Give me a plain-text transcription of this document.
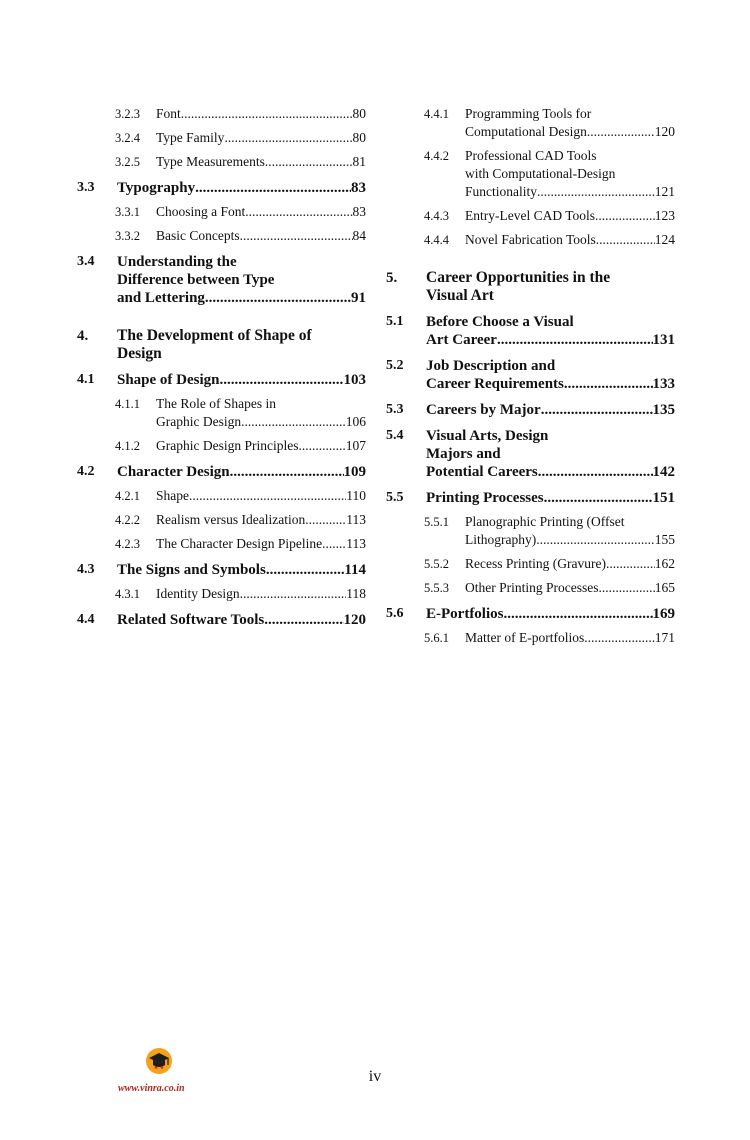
3.2.3	Font .....	80
3.2.4	Type Family .....	80
3.2.5	Type Measurements .....	81
3.3	Typography .....	83
3.3.1	Choosing a Font .....	83
3.3.2	Basic Concepts .....	84
3.4	Understanding the
Difference between Type
and Lettering .....	91
4.	The Development of Shape of
Design
4.1	Shape of Design .....	103
4.1.1	The Role of Shapes in
Graphic Design .....	106
4.1.2	Graphic Design Principles .....	107
4.2	Character Design .....	109
4.2.1	Shape .....	110
4.2.2	Realism versus Idealization .....	113
4.2.3	The Character Design Pipeline. ..... 113
4.3	The Signs and Symbols .....	114
4.3.1	Identity Design .....	118
4.4	Related Software Tools .....	120
4.4.1	Programming Tools for
Computational Design .....	120
4.4.2	Professional CAD Tools
with Computational-Design
Functionality .....	121
4.4.3	Entry-Level CAD Tools .....	123
4.4.4	Novel Fabrication Tools .....	124
5.	Career Opportunities in the
Visual Art
5.1	Before Choose a Visual
Art Career .....	131
5.2	Job Description and
Career Requirements .....	133
5.3	Careers by Major .....	135
5.4	Visual Arts, Design
Majors and
Potential Careers .....	142
5.5	Printing Processes .....	151
5.5.1	Planographic Printing (Offset
Lithography) .....	155
5.5.2	Recess Printing (Gravure) .....	162
5.5.3	Other Printing Processes .....	165
5.6	E-Portfolios .....	169
5.6.1	Matter of E-portfolios .....	171
iv
www.vinra.co.in
